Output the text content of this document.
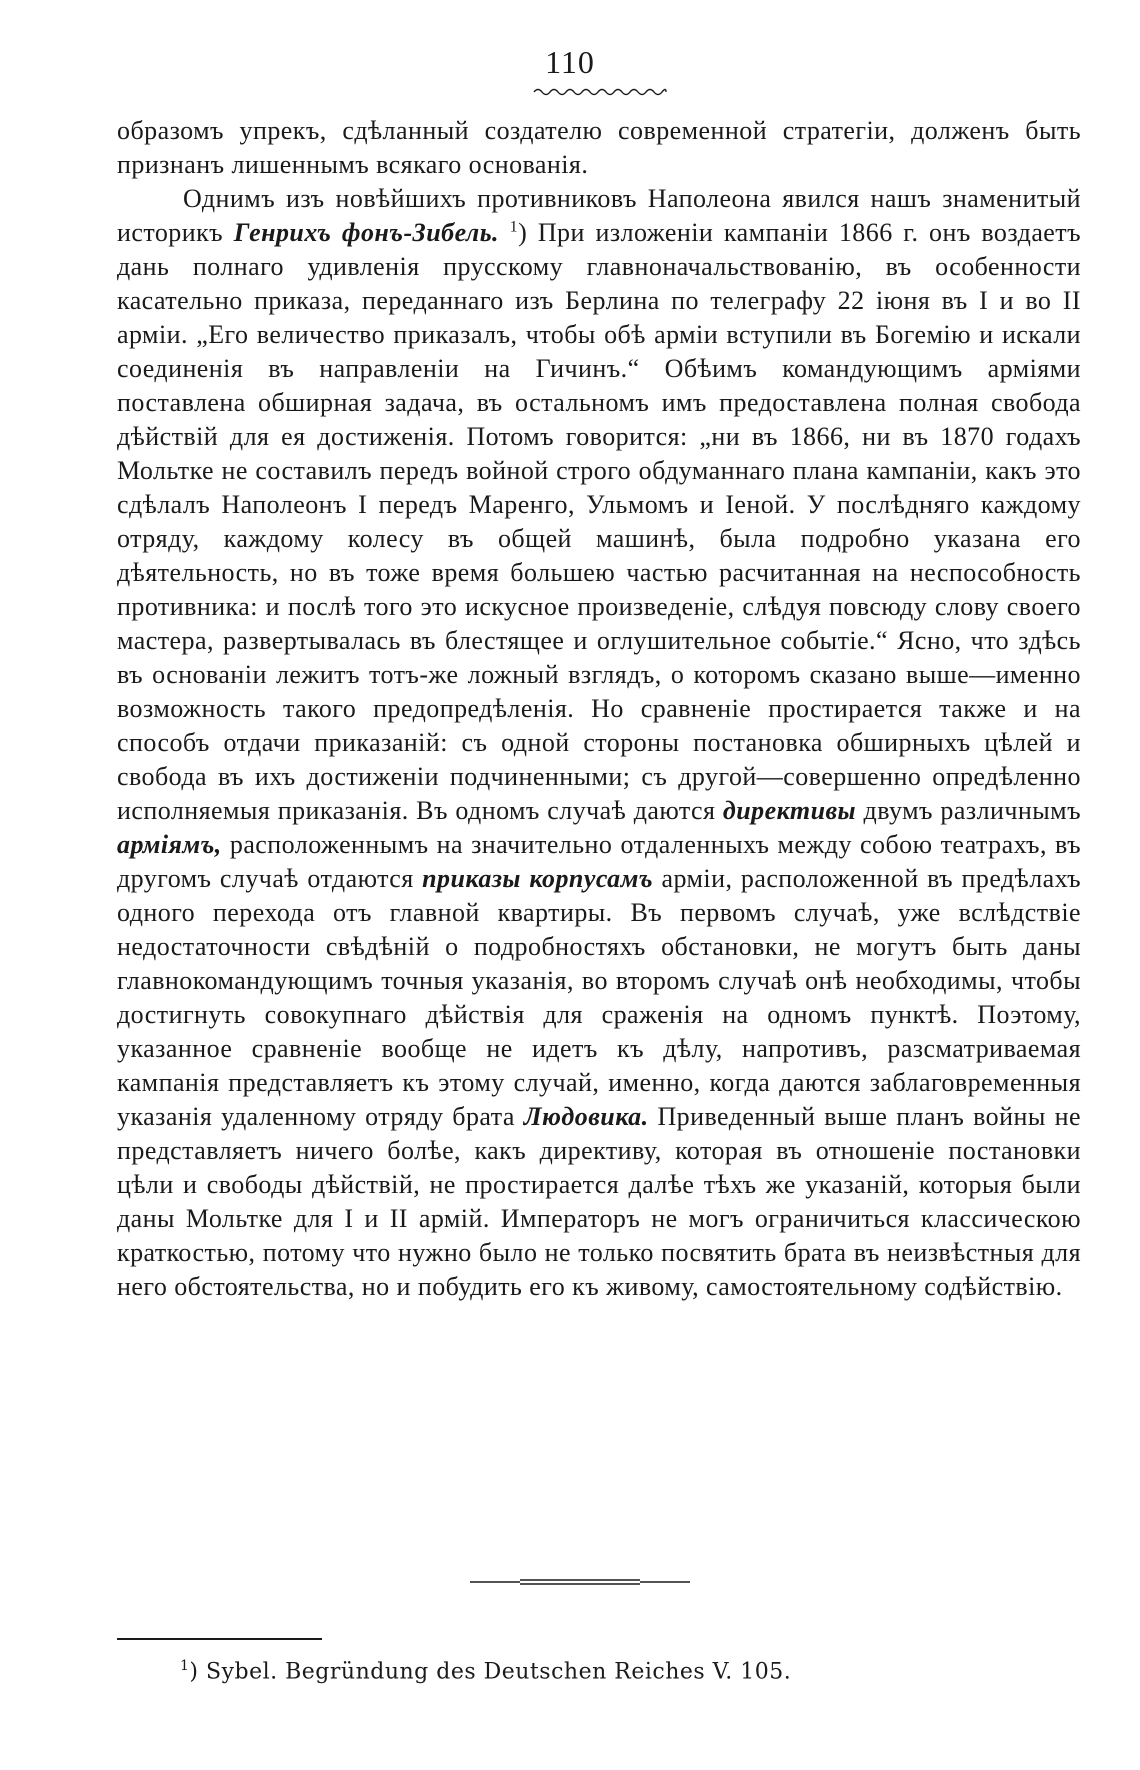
110

образомъ упрекъ, сдѣланный создателю современной стратегіи, долженъ быть признанъ лишеннымъ всякаго основанія.

Однимъ изъ новѣйшихъ противниковъ Наполеона явился нашъ знаменитый историкъ Генрихъ фонъ-Зибель. $^1$) При изложеніи кампаніи 1866 г. онъ воздаетъ дань полнаго удивленія прусскому главноначальствованію, въ особенности касательно приказа, переданнаго изъ Берлина по телеграфу 22 іюня въ I и во II арміи. „Его величество приказалъ, чтобы обѣ арміи вступили въ Богемію и искали соединенія въ направленіи на Гичинъ.“ Обѣимъ командующимъ арміями поставлена обширная задача, въ остальномъ имъ предоставлена полная свобода дѣйствій для ея достиженія. Потомъ говорится: „ни въ 1866, ни въ 1870 годахъ Мольтке не составилъ передъ войной строго обдуманнаго плана кампаніи, какъ это сдѣлалъ Наполеонъ I передъ Маренго, Ульмомъ и Іеной. У послѣдняго каждому отряду, каждому колесу въ общей машинѣ, была подробно указана его дѣятельность, но въ тоже время большею частью расчитанная на неспособность противника: и послѣ того это искусное произведеніе, слѣдуя повсюду слову своего мастера, развертывалась въ блестящее и оглушительное событіе.“ Ясно, что здѣсь въ основаніи лежитъ тотъ-же ложный взглядъ, о которомъ сказано выше—именно возможность такого предопредѣленія. Но сравненіе простирается также и на способъ отдачи приказаній: съ одной стороны постановка обширныхъ цѣлей и свобода въ ихъ достиженіи подчиненными; съ другой—совершенно опредѣленно исполняемыя приказанія. Въ одномъ случаѣ даются директивы двумъ различнымъ арміямъ, расположеннымъ на значительно отдаленныхъ между собою театрахъ, въ другомъ случаѣ отдаются приказы корпусамъ арміи, расположенной въ предѣлахъ одного перехода отъ главной квартиры. Въ первомъ случаѣ, уже вслѣдствіе недостаточности свѣдѣній о подробностяхъ обстановки, не могутъ быть даны главнокомандующимъ точныя указанія, во второмъ случаѣ онѣ необходимы, чтобы достигнуть совокупнаго дѣйствія для сраженія на одномъ пунктѣ. Поэтому, указанное сравненіе вообще не идетъ къ дѣлу, напротивъ, разсматриваемая кампанія представляетъ къ этому случай, именно, когда даются заблаговременныя указанія удаленному отряду брата Людовика. Приведенный выше планъ войны не представляетъ ничего болѣе, какъ директиву, которая въ отношеніе постановки цѣли и свободы дѣйствій, не простирается далѣе тѣхъ же указаній, которыя были даны Мольтке для I и II армій. Императоръ не могъ ограничиться классическою краткостью, потому что нужно было не только посвятить брата въ неизвѣстныя для него обстоятельства, но и побудить его къ живому, самостоятельному содѣйствію.

$^1$) Sybel. Begründung des Deutschen Reiches V. 105.
